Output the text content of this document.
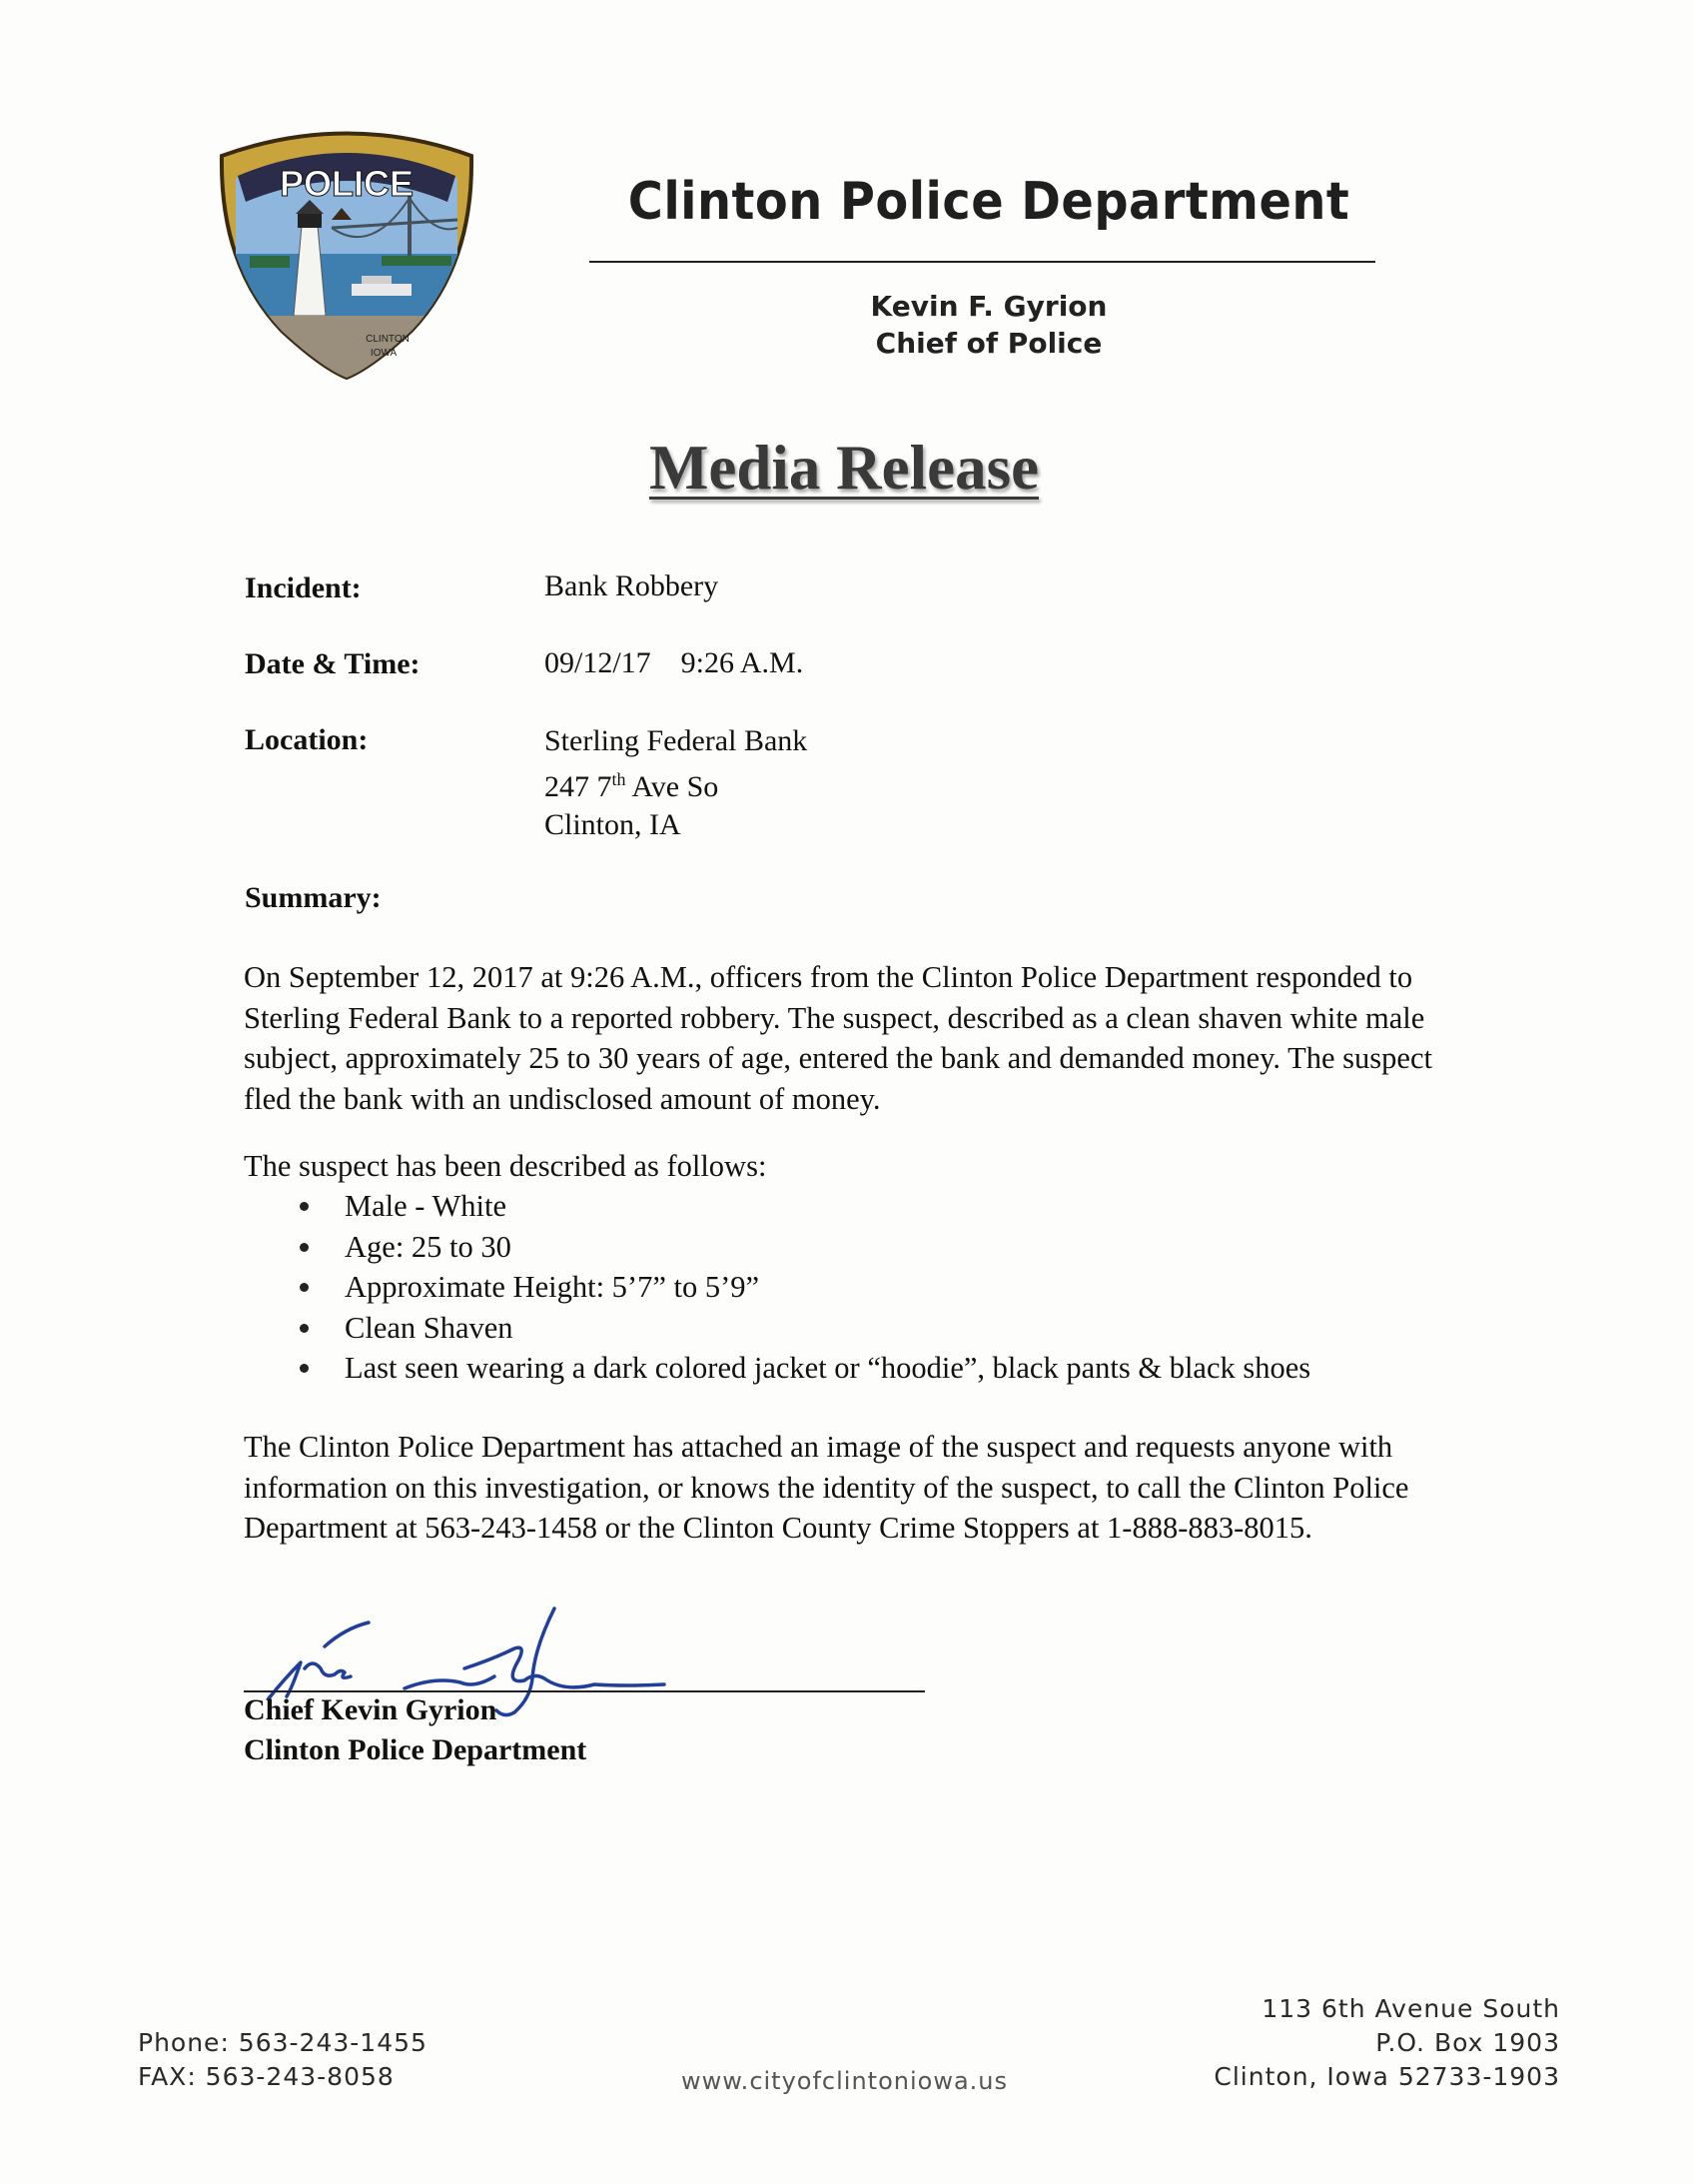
POLICE
CLINTON
IOWA
Clinton Police Department
Kevin F. Gyrion
Chief of Police
Media Release
Incident:	Bank Robbery
Date & Time:	09/12/17 9:26 A.M.
Location:	Sterling Federal Bank
247 7th Ave So
Clinton, IA
Summary:

On September 12, 2017 at 9:26 A.M., officers from the Clinton Police Department responded to Sterling Federal Bank to a reported robbery. The suspect, described as a clean shaven white male subject, approximately 25 to 30 years of age, entered the bank and demanded money. The suspect fled the bank with an undisclosed amount of money.

The suspect has been described as follows:
Male - White
Age: 25 to 30
Approximate Height: 5’7” to 5’9”
Clean Shaven
Last seen wearing a dark colored jacket or “hoodie”, black pants & black shoes

The Clinton Police Department has attached an image of the suspect and requests anyone with information on this investigation, or knows the identity of the suspect, to call the Clinton Police Department at 563-243-1458 or the Clinton County Crime Stoppers at 1-888-883-8015.

Chief Kevin Gyrion
Clinton Police Department
Phone: 563-243-1455
FAX: 563-243-8058	www.cityofclintoniowa.us
113 6th Avenue South
P.O. Box 1903
Clinton, Iowa 52733-1903
